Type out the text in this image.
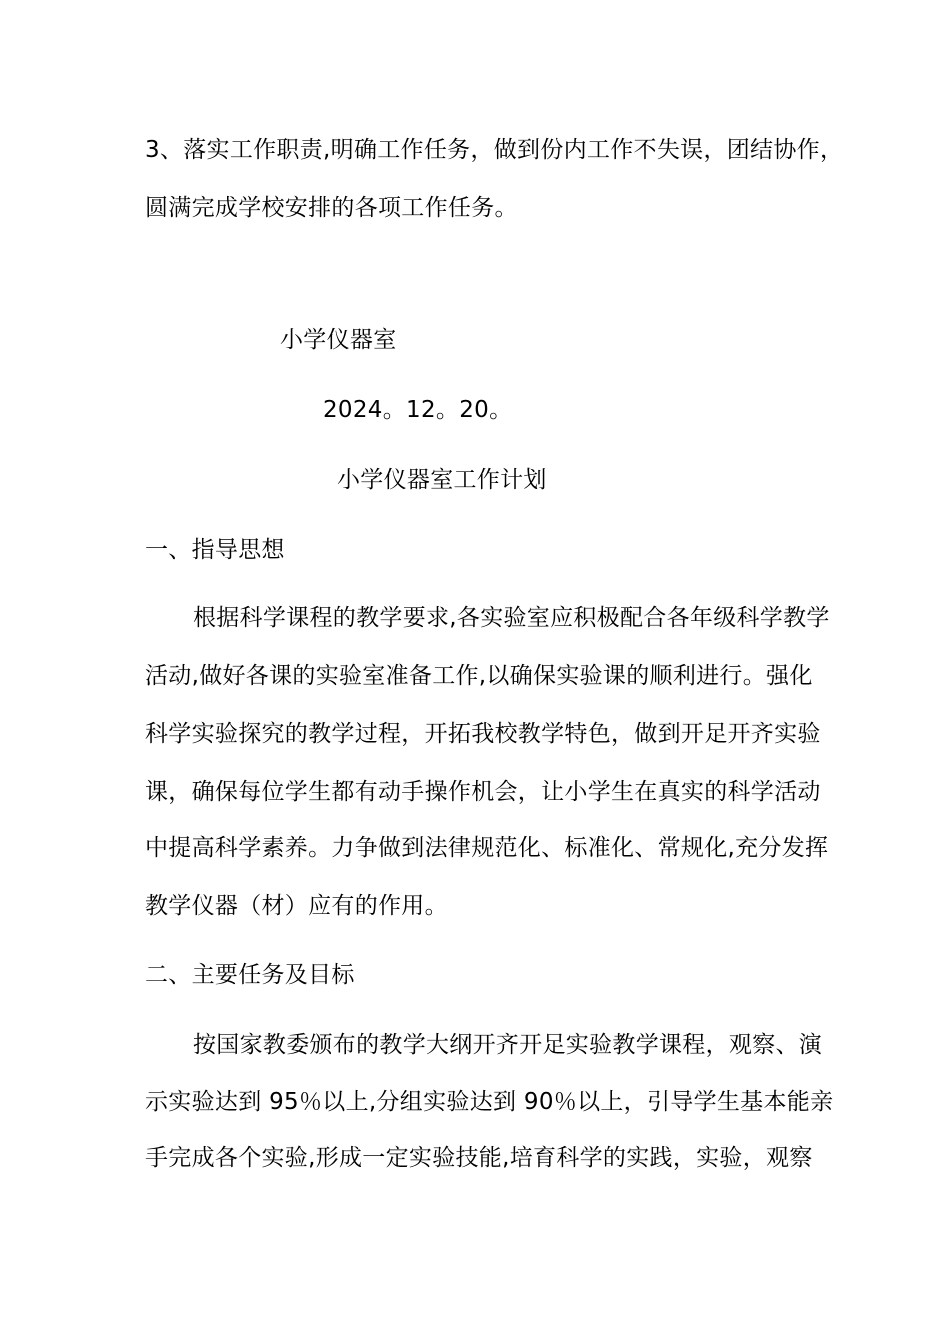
3、落实工作职责,明确工作任务，做到份内工作不失误，团结协作，
圆满完成学校安排的各项工作任务。
小学仪器室
2024。12。20。
小学仪器室工作计划
一、指导思想
根据科学课程的教学要求,各实验室应积极配合各年级科学教学
活动,做好各课的实验室准备工作,以确保实验课的顺利进行。强化
科学实验探究的教学过程，开拓我校教学特色，做到开足开齐实验
课，确保每位学生都有动手操作机会，让小学生在真实的科学活动
中提高科学素养。力争做到法律规范化、标准化、常规化,充分发挥
教学仪器（材）应有的作用。
二、主要任务及目标
按国家教委颁布的教学大纲开齐开足实验教学课程，观察、演
示实验达到 95％以上,分组实验达到 90％以上，引导学生基本能亲
手完成各个实验,形成一定实验技能,培育科学的实践，实验，观察
